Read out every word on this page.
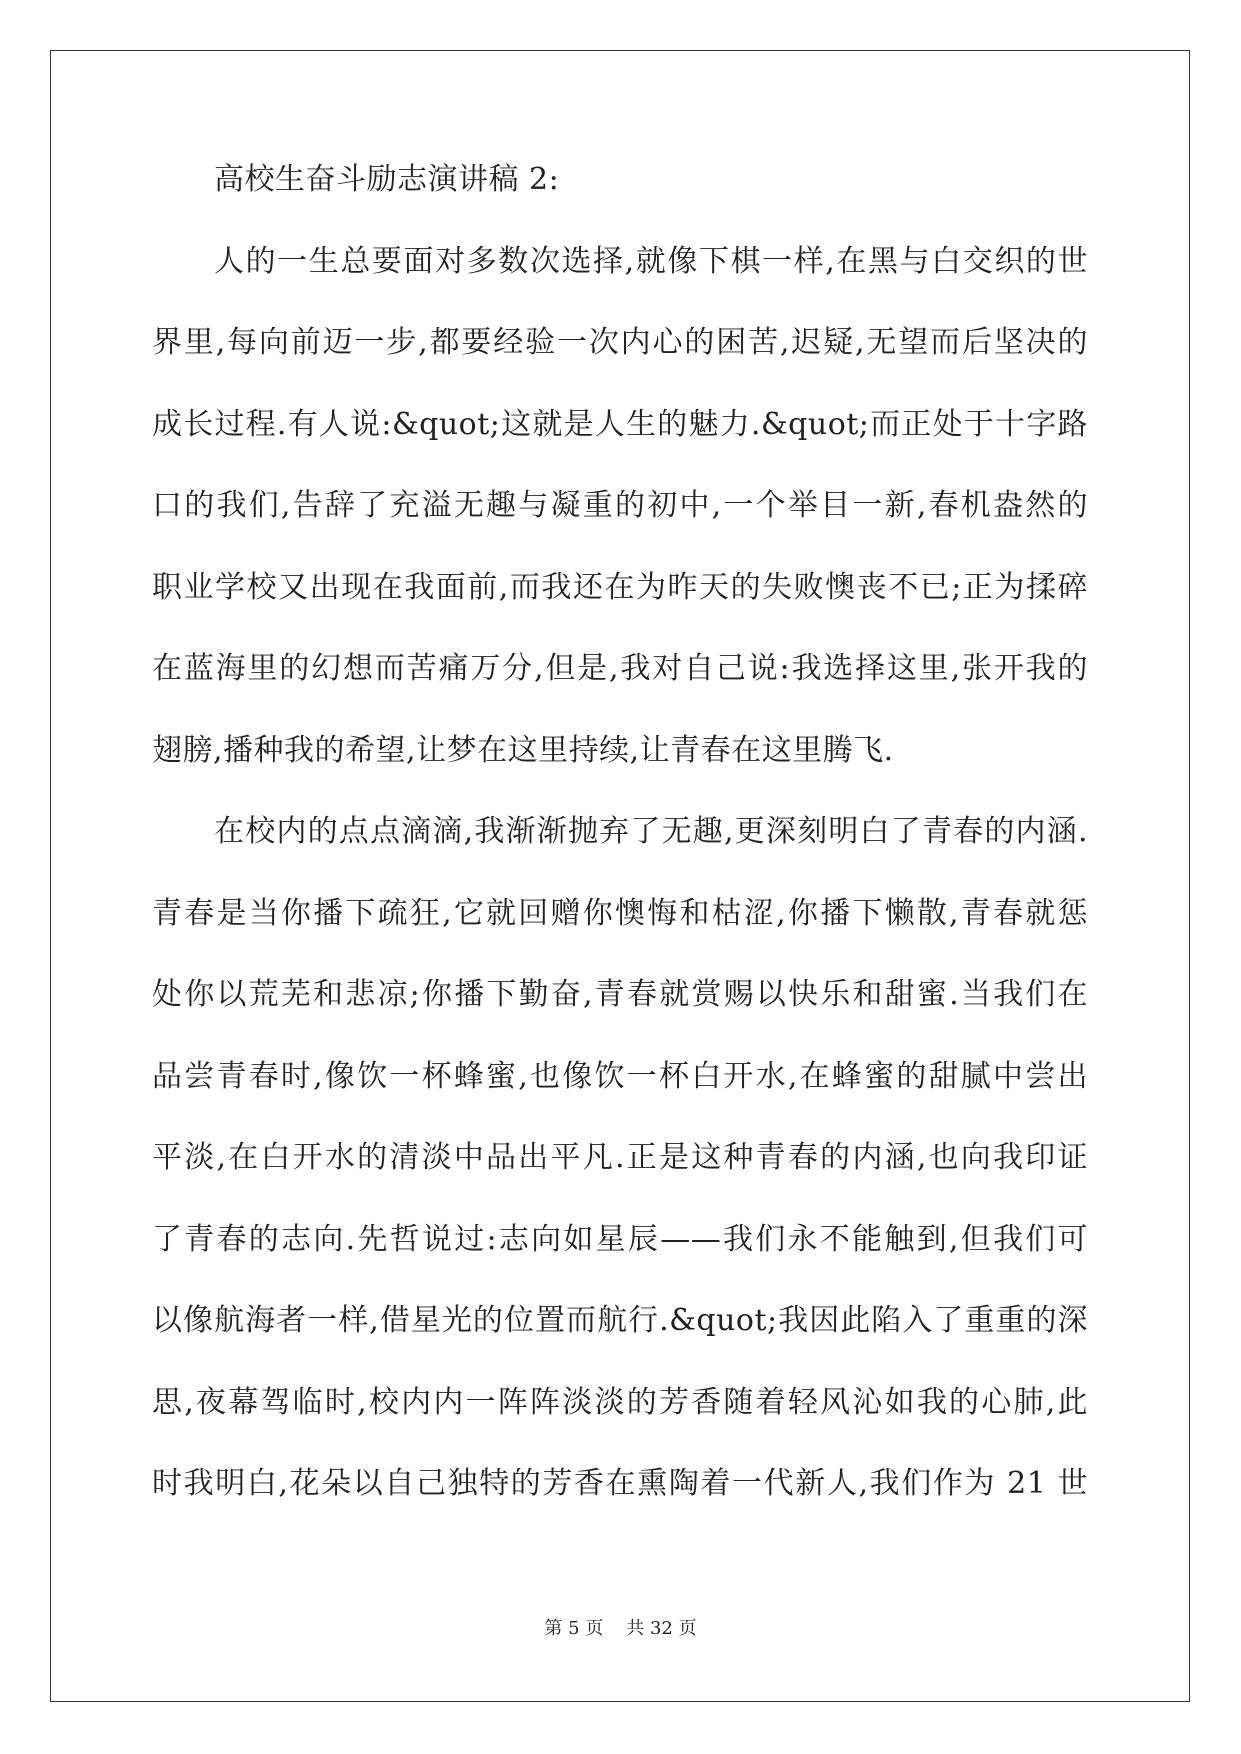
高校生奋斗励志演讲稿 2:
人的一生总要面对多数次选择,就像下棋一样,在黑与白交织的世
界里,每向前迈一步,都要经验一次内心的困苦,迟疑,无望而后坚决的
成长过程.有人说:&quot;这就是人生的魅力.&quot;而正处于十字路
口的我们,告辞了充溢无趣与凝重的初中,一个举目一新,春机盎然的
职业学校又出现在我面前,而我还在为昨天的失败懊丧不已;正为揉碎
在蓝海里的幻想而苦痛万分,但是,我对自己说:我选择这里,张开我的
翅膀,播种我的希望,让梦在这里持续,让青春在这里腾飞.
在校内的点点滴滴,我渐渐抛弃了无趣,更深刻明白了青春的内涵.
青春是当你播下疏狂,它就回赠你懊悔和枯涩,你播下懒散,青春就惩
处你以荒芜和悲凉;你播下勤奋,青春就赏赐以快乐和甜蜜.当我们在
品尝青春时,像饮一杯蜂蜜,也像饮一杯白开水,在蜂蜜的甜腻中尝出
平淡,在白开水的清淡中品出平凡.正是这种青春的内涵,也向我印证
了青春的志向.先哲说过:志向如星辰——我们永不能触到,但我们可
以像航海者一样,借星光的位置而航行.&quot;我因此陷入了重重的深
思,夜幕驾临时,校内内一阵阵淡淡的芳香随着轻风沁如我的心肺,此
时我明白,花朵以自己独特的芳香在熏陶着一代新人,我们作为 21 世
第 5 页 共 32 页
